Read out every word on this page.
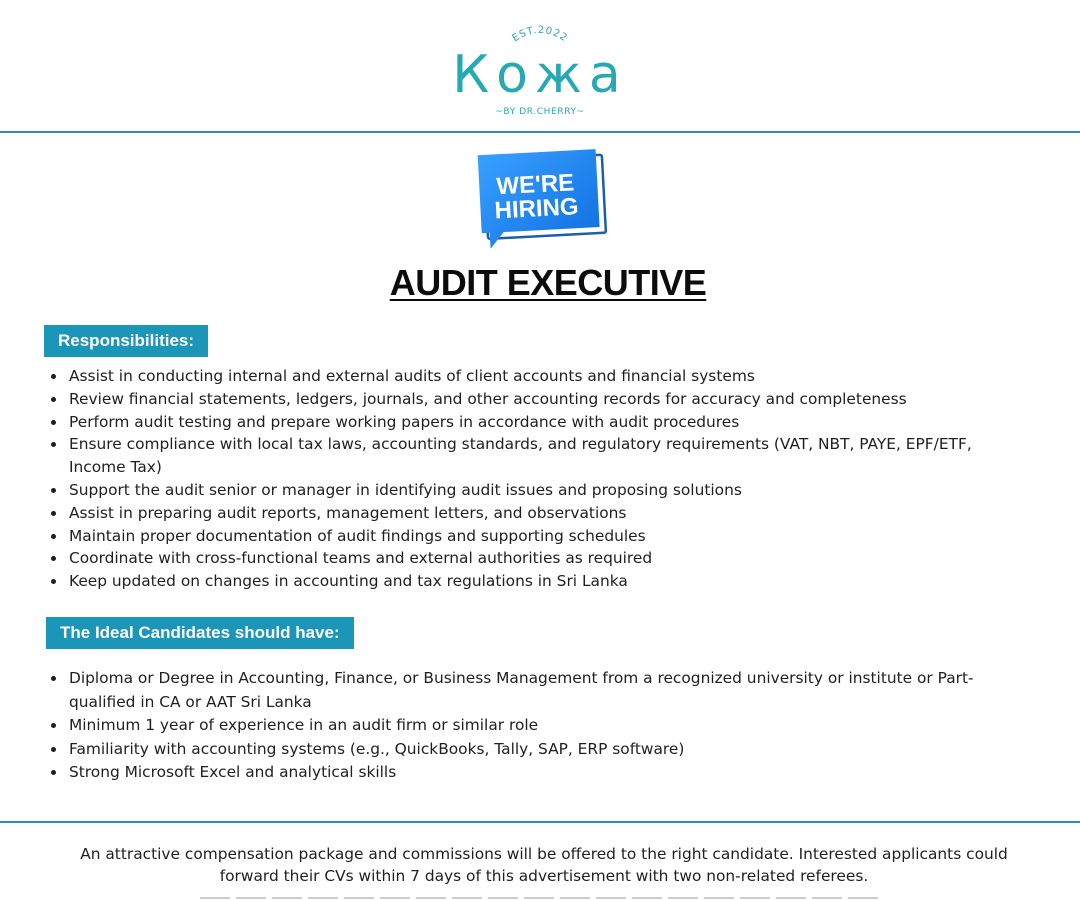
EST.2022
Кожа
~BY DR.CHERRY~
WE'RE
HIRING
AUDIT EXECUTIVE
Responsibilities:
Assist in conducting internal and external audits of client accounts and financial systems
Review financial statements, ledgers, journals, and other accounting records for accuracy and completeness
Perform audit testing and prepare working papers in accordance with audit procedures
Ensure compliance with local tax laws, accounting standards, and regulatory requirements (VAT, NBT, PAYE, EPF/ETF, Income Tax)
Support the audit senior or manager in identifying audit issues and proposing solutions
Assist in preparing audit reports, management letters, and observations
Maintain proper documentation of audit findings and supporting schedules
Coordinate with cross-functional teams and external authorities as required
Keep updated on changes in accounting and tax regulations in Sri Lanka
The Ideal Candidates should have:
Diploma or Degree in Accounting, Finance, or Business Management from a recognized university or institute or Part-qualified in CA or AAT Sri Lanka
Minimum 1 year of experience in an audit firm or similar role
Familiarity with accounting systems (e.g., QuickBooks, Tally, SAP, ERP software)
Strong Microsoft Excel and analytical skills
An attractive compensation package and commissions will be offered to the right candidate. Interested applicants could forward their CVs within 7 days of this advertisement with two non-related referees.
